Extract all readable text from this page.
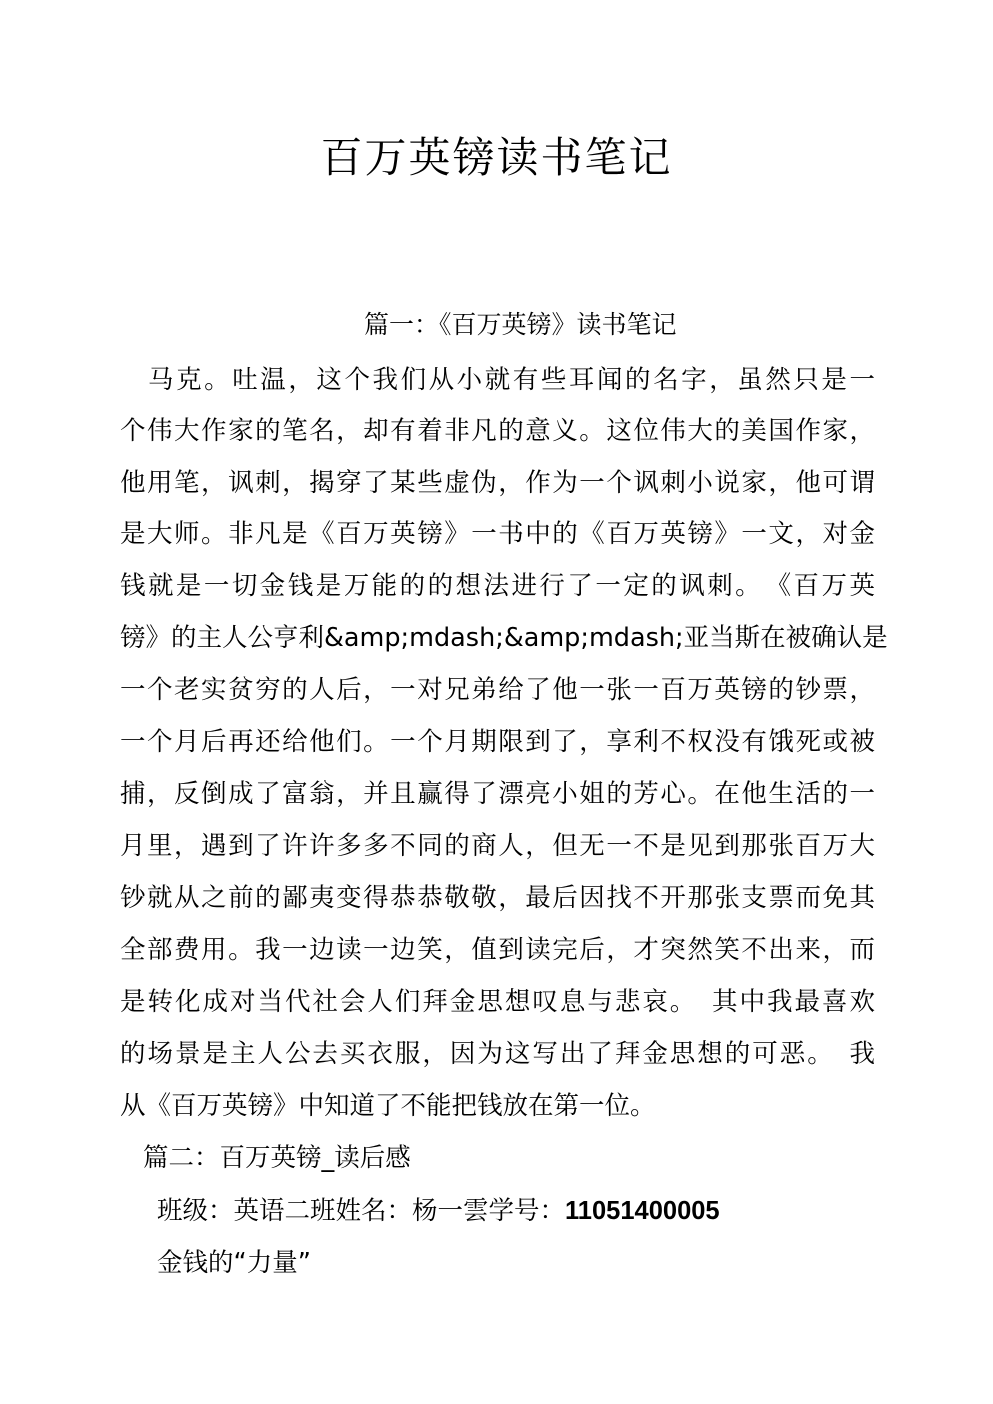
百万英镑读书笔记
篇一：《百万英镑》读书笔记

　马克。吐温，这个我们从小就有些耳闻的名字，虽然只是一

个伟大作家的笔名，却有着非凡的意义。这位伟大的美国作家，

他用笔，讽刺，揭穿了某些虚伪，作为一个讽刺小说家，他可谓

是大师。非凡是《百万英镑》一书中的《百万英镑》一文，对金

钱就是一切金钱是万能的的想法进行了一定的讽刺。　《百万英

镑》的主人公亨利&amp;mdash;&amp;mdash;亚当斯在被确认是

一个老实贫穷的人后，一对兄弟给了他一张一百万英镑的钞票，

一个月后再还给他们。一个月期限到了，享利不权没有饿死或被

捕，反倒成了富翁，并且赢得了漂亮小姐的芳心。在他生活的一

月里，遇到了许许多多不同的商人，但无一不是见到那张百万大

钞就从之前的鄙夷变得恭恭敬敬，最后因找不开那张支票而免其

全部费用。我一边读一边笑，值到读完后，才突然笑不出来，而

是转化成对当代社会人们拜金思想叹息与悲哀。　其中我最喜欢

的场景是主人公去买衣服，因为这写出了拜金思想的可恶。　我

从《百万英镑》中知道了不能把钱放在第一位。

篇二：百万英镑_读后感

班级：英语二班姓名：杨一雲学号：11051400005

金钱的“力量”
